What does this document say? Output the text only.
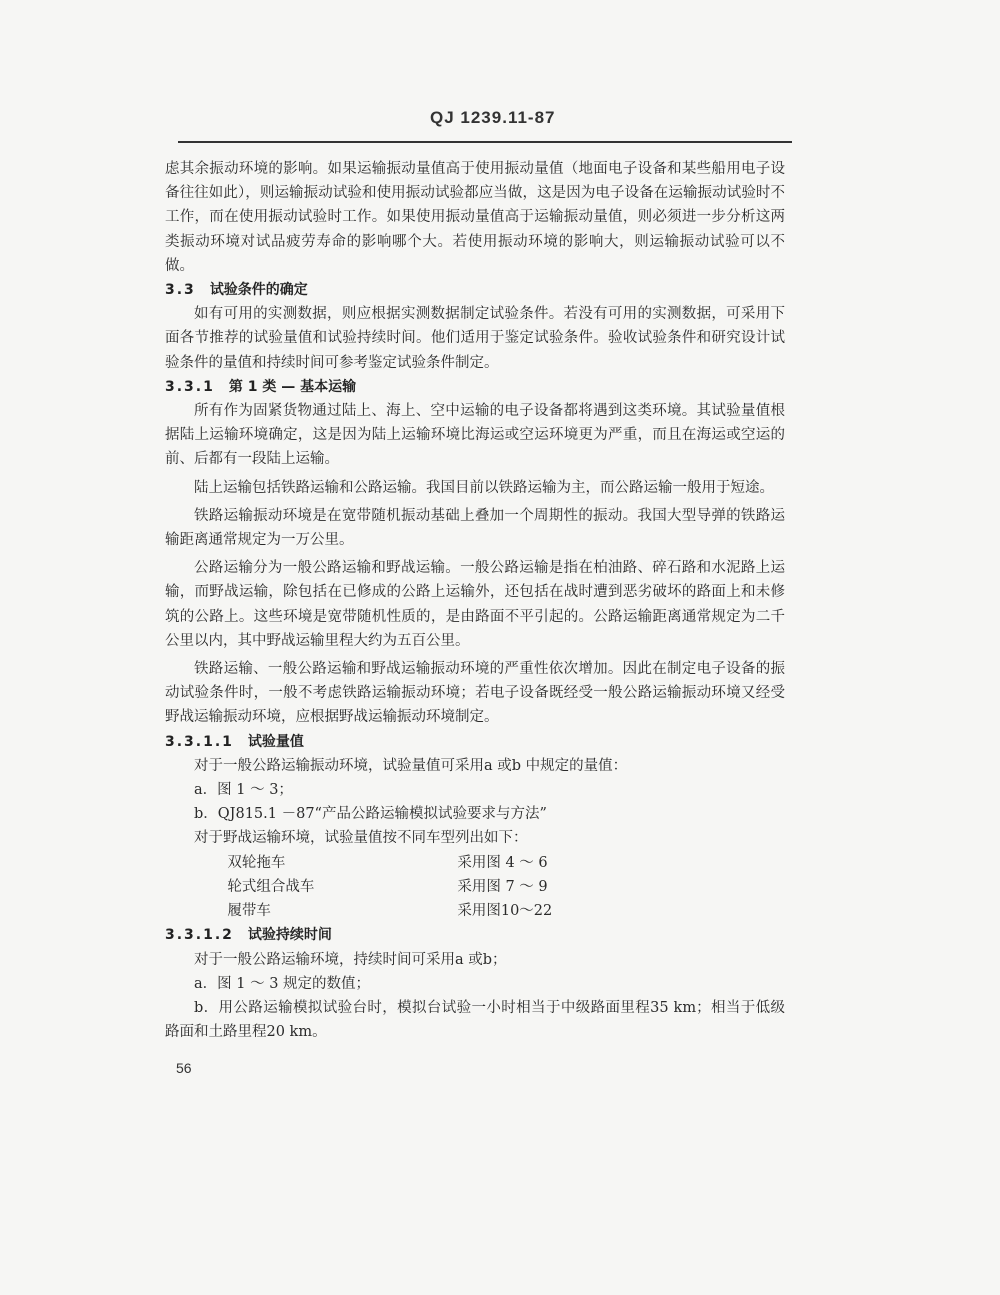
QJ 1239.11-87

虑其余振动环境的影响。如果运输振动量值高于使用振动量值（地面电子设备和某些船用电子设备往往如此），则运输振动试验和使用振动试验都应当做，这是因为电子设备在运输振动试验时不工作，而在使用振动试验时工作。如果使用振动量值高于运输振动量值，则必须进一步分析这两类振动环境对试品疲劳寿命的影响哪个大。若使用振动环境的影响大，则运输振动试验可以不做。

3.3 试验条件的确定

如有可用的实测数据，则应根据实测数据制定试验条件。若没有可用的实测数据，可采用下面各节推荐的试验量值和试验持续时间。他们适用于鉴定试验条件。验收试验条件和研究设计试验条件的量值和持续时间可参考鉴定试验条件制定。

3.3.1 第 1 类 — 基本运输

所有作为固紧货物通过陆上、海上、空中运输的电子设备都将遇到这类环境。其试验量值根据陆上运输环境确定，这是因为陆上运输环境比海运或空运环境更为严重，而且在海运或空运的前、后都有一段陆上运输。

陆上运输包括铁路运输和公路运输。我国目前以铁路运输为主，而公路运输一般用于短途。

铁路运输振动环境是在宽带随机振动基础上叠加一个周期性的振动。我国大型导弹的铁路运输距离通常规定为一万公里。

公路运输分为一般公路运输和野战运输。一般公路运输是指在柏油路、碎石路和水泥路上运输，而野战运输，除包括在已修成的公路上运输外，还包括在战时遭到恶劣破坏的路面上和未修筑的公路上。这些环境是宽带随机性质的，是由路面不平引起的。公路运输距离通常规定为二千公里以内，其中野战运输里程大约为五百公里。

铁路运输、一般公路运输和野战运输振动环境的严重性依次增加。因此在制定电子设备的振动试验条件时，一般不考虑铁路运输振动环境；若电子设备既经受一般公路运输振动环境又经受野战运输振动环境，应根据野战运输振动环境制定。

3.3.1.1 试验量值

对于一般公路运输振动环境，试验量值可采用a 或b 中规定的量值：

a．图 1 ～ 3；

b．QJ815.1 －87“产品公路运输模拟试验要求与方法”

对于野战运输环境，试验量值按不同车型列出如下：

双轮拖车	采用图 4 ～ 6
轮式组合战车	采用图 7 ～ 9
履带车	采用图10～22
3.3.1.2 试验持续时间

对于一般公路运输环境，持续时间可采用a 或b；

a．图 1 ～ 3 规定的数值；

b．用公路运输模拟试验台时，模拟台试验一小时相当于中级路面里程35 km；相当于低级路面和土路里程20 km。

56
